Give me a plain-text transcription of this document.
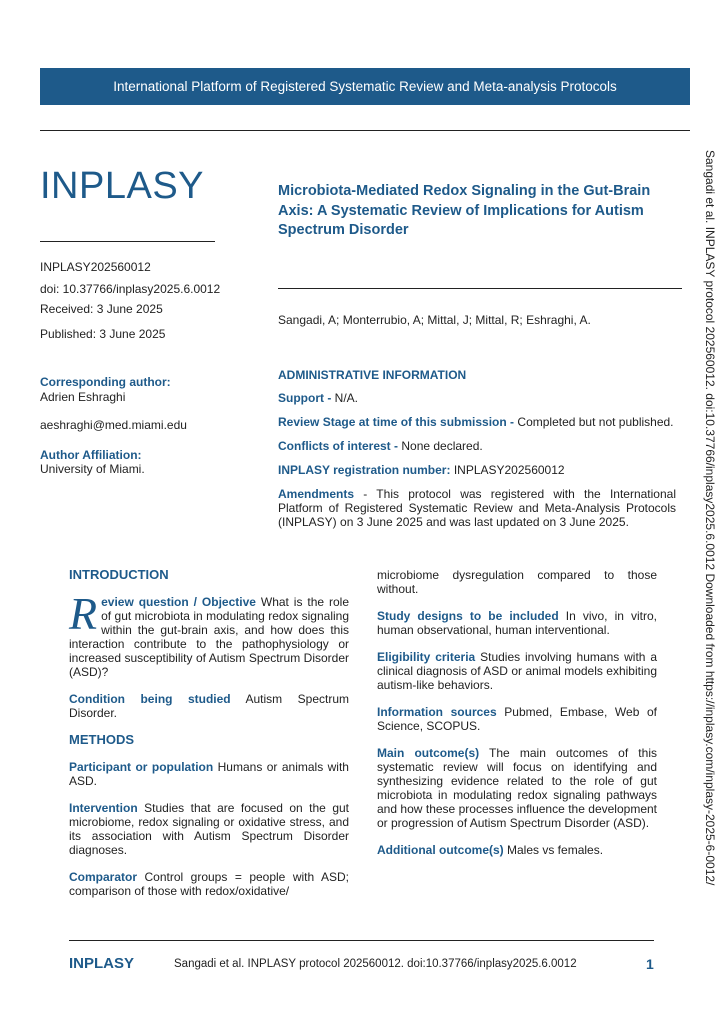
International Platform of Registered Systematic Review and Meta-analysis Protocols
INPLASY
INPLASY202560012
doi: 10.37766/inplasy2025.6.0012
Received: 3 June 2025
Published: 3 June 2025
Microbiota-Mediated Redox Signaling in the Gut-Brain Axis: A Systematic Review of Implications for Autism Spectrum Disorder
Sangadi, A; Monterrubio, A; Mittal, J; Mittal, R; Eshraghi, A.
Corresponding author:
Adrien Eshraghi
aeshraghi@med.miami.edu
Author Affiliation:
University of Miami.
ADMINISTRATIVE INFORMATION

Support - N/A.

Review Stage at time of this submission - Completed but not published.

Conflicts of interest - None declared.

INPLASY registration number: INPLASY202560012

Amendments - This protocol was registered with the International Platform of Registered Systematic Review and Meta-Analysis Protocols (INPLASY) on 3 June 2025 and was last updated on 3 June 2025.

INTRODUCTION

Review question / Objective What is the role of gut microbiota in modulating redox signaling within the gut-brain axis, and how does this interaction contribute to the pathophysiology or increased susceptibility of Autism Spectrum Disorder (ASD)?

Condition being studied Autism Spectrum Disorder.

METHODS

Participant or population Humans or animals with ASD.

Intervention Studies that are focused on the gut microbiome, redox signaling or oxidative stress, and its association with Autism Spectrum Disorder diagnoses.

Comparator Control groups = people with ASD; comparison of those with redox/oxidative/

microbiome dysregulation compared to those without.

Study designs to be included In vivo, in vitro, human observational, human interventional.

Eligibility criteria Studies involving humans with a clinical diagnosis of ASD or animal models exhibiting autism-like behaviors.

Information sources Pubmed, Embase, Web of Science, SCOPUS.

Main outcome(s) The main outcomes of this systematic review will focus on identifying and synthesizing evidence related to the role of gut microbiota in modulating redox signaling pathways and how these processes influence the development or progression of Autism Spectrum Disorder (ASD).

Additional outcome(s) Males vs females.	Sangadi et al. INPLASY protocol 202560012. doi:10.37766/inplasy2025.6.0012 Downloaded from https://inplasy.com/inplasy-2025-6-0012/
INPLASY	Sangadi et al. INPLASY protocol 202560012. doi:10.37766/inplasy2025.6.0012	1
